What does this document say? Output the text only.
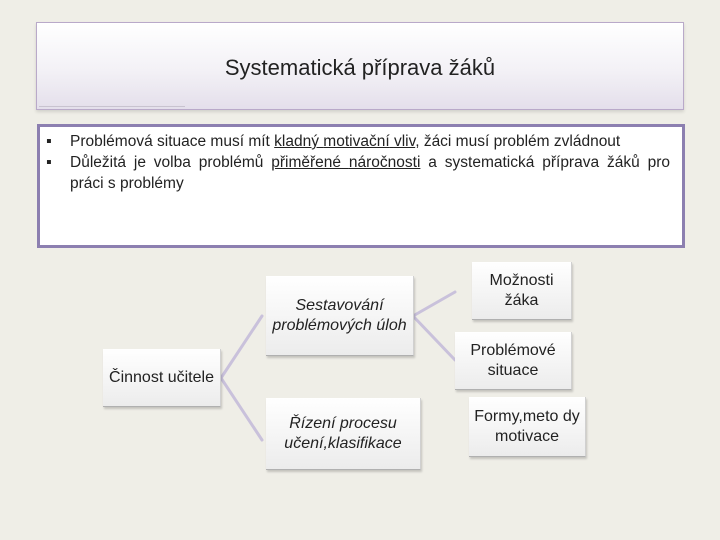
Systematická příprava žáků
▪ Problémová situace musí mít kladný motivační vliv, žáci musí problém zvládnout
▪ Důležitá je volba problémů přiměřené náročnosti a systematická příprava žáků pro práci s problémy
Činnost učitele
Sestavování problémových úloh
Řízení procesu učení,klasifikace
Možnosti žáka
Problémové situace
Formy,meto dy motivace
